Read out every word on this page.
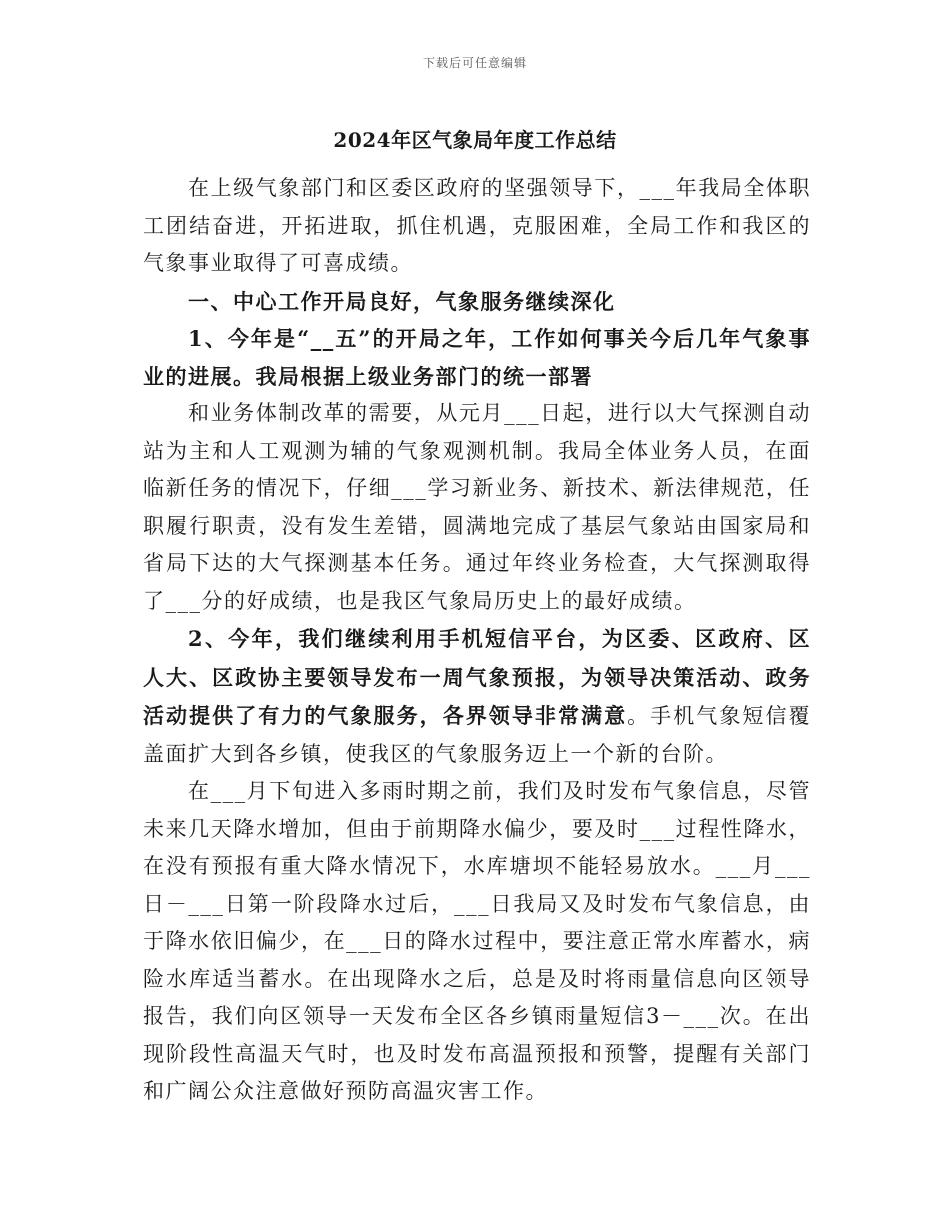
下载后可任意编辑
2024年区气象局年度工作总结

在上级气象部门和区委区政府的坚强领导下，___年我局全体职工团结奋进，开拓进取，抓住机遇，克服困难，全局工作和我区的气象事业取得了可喜成绩。

一、中心工作开局良好，气象服务继续深化

1、今年是“__五”的开局之年，工作如何事关今后几年气象事业的进展。我局根据上级业务部门的统一部署

和业务体制改革的需要，从元月___日起，进行以大气探测自动站为主和人工观测为辅的气象观测机制。我局全体业务人员，在面临新任务的情况下，仔细___学习新业务、新技术、新法律规范，任职履行职责，没有发生差错，圆满地完成了基层气象站由国家局和省局下达的大气探测基本任务。通过年终业务检查，大气探测取得了___分的好成绩，也是我区气象局历史上的最好成绩。

2、今年，我们继续利用手机短信平台，为区委、区政府、区人大、区政协主要领导发布一周气象预报，为领导决策活动、政务活动提供了有力的气象服务，各界领导非常满意。手机气象短信覆盖面扩大到各乡镇，使我区的气象服务迈上一个新的台阶。

在___月下旬进入多雨时期之前，我们及时发布气象信息，尽管未来几天降水增加，但由于前期降水偏少，要及时___过程性降水，在没有预报有重大降水情况下，水库塘坝不能轻易放水。___月___日－___日第一阶段降水过后，___日我局又及时发布气象信息，由于降水依旧偏少，在___日的降水过程中，要注意正常水库蓄水，病险水库适当蓄水。在出现降水之后，总是及时将雨量信息向区领导报告，我们向区领导一天发布全区各乡镇雨量短信3－___次。在出现阶段性高温天气时，也及时发布高温预报和预警，提醒有关部门和广阔公众注意做好预防高温灾害工作。
